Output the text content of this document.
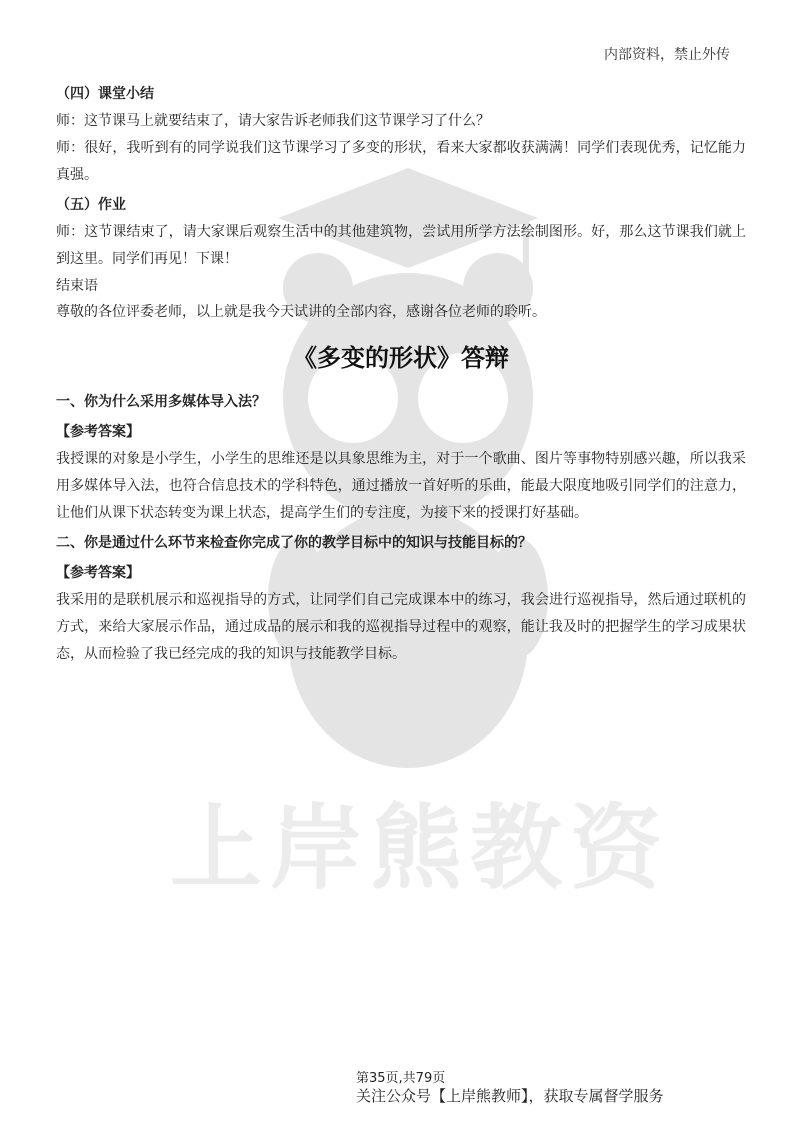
上岸熊教资
内部资料，禁止外传

（四）课堂小结

师：这节课马上就要结束了，请大家告诉老师我们这节课学习了什么？

师：很好，我听到有的同学说我们这节课学习了多变的形状，看来大家都收获满满！同学们表现优秀，记忆能力真强。

（五）作业

师：这节课结束了，请大家课后观察生活中的其他建筑物，尝试用所学方法绘制图形。好，那么这节课我们就上到这里。同学们再见！下课！

结束语

尊敬的各位评委老师，以上就是我今天试讲的全部内容，感谢各位老师的聆听。

《多变的形状》答辩

一、你为什么采用多媒体导入法？

【参考答案】

我授课的对象是小学生，小学生的思维还是以具象思维为主，对于一个歌曲、图片等事物特别感兴趣，所以我采用多媒体导入法，也符合信息技术的学科特色，通过播放一首好听的乐曲，能最大限度地吸引同学们的注意力，让他们从课下状态转变为课上状态，提高学生们的专注度，为接下来的授课打好基础。

二、你是通过什么环节来检查你完成了你的教学目标中的知识与技能目标的？

【参考答案】

我采用的是联机展示和巡视指导的方式，让同学们自己完成课本中的练习，我会进行巡视指导，然后通过联机的方式，来给大家展示作品，通过成品的展示和我的巡视指导过程中的观察，能让我及时的把握学生的学习成果状态，从而检验了我已经完成的我的知识与技能教学目标。

第35页,共79页
关注公众号【上岸熊教师】，获取专属督学服务
